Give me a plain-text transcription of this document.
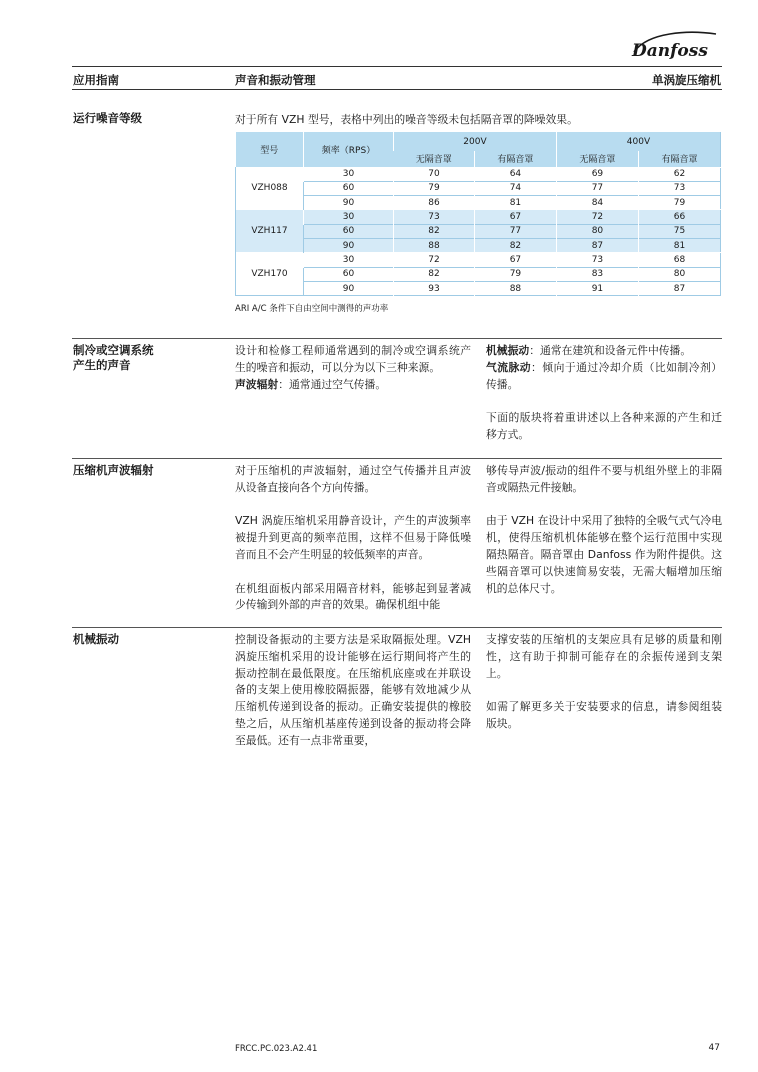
Danfoss
应用指南	声音和振动管理	单涡旋压缩机
运行噪音等级	对于所有 VZH 型号，表格中列出的噪音等级未包括隔音罩的降噪效果。
型号	频率（RPS）	200V		400V	
		无隔音罩	有隔音罩	无隔音罩	有隔音罩
VZH088	30	70	64	69	62
	60	79	74	77	73
	90	86	81	84	79
VZH117	30	73	67	72	66
	60	82	77	80	75
	90	88	82	87	81
VZH170	30	72	67	73	68
	60	82	79	83	80
	90	93	88	91	87
ARI A/C 条件下自由空间中测得的声功率
制冷或空调系统
产生的声音
设计和检修工程师通常遇到的制冷或空调系统产生的噪音和振动，可以分为以下三种来源。
声波辐射：通常通过空气传播。
机械振动：通常在建筑和设备元件中传播。
气流脉动：倾向于通过冷却介质（比如制冷剂）传播。
下面的版块将着重讲述以上各种来源的产生和迁移方式。
压缩机声波辐射	对于压缩机的声波辐射，通过空气传播并且声波从设备直接向各个方向传播。

VZH 涡旋压缩机采用静音设计，产生的声波频率被提升到更高的频率范围，这样不但易于降低噪音而且不会产生明显的较低频率的声音。

在机组面板内部采用隔音材料，能够起到显著减少传输到外部的声音的效果。确保机组中能

够传导声波/振动的组件不要与机组外壁上的非隔音或隔热元件接触。

由于 VZH 在设计中采用了独特的全吸气式气冷电机，使得压缩机机体能够在整个运行范围中实现隔热隔音。隔音罩由 Danfoss 作为附件提供。这些隔音罩可以快速简易安装，无需大幅增加压缩机的总体尺寸。

机械振动	控制设备振动的主要方法是采取隔振处理。VZH 涡旋压缩机采用的设计能够在运行期间将产生的振动控制在最低限度。在压缩机底座或在并联设备的支架上使用橡胶隔振器，能够有效地减少从压缩机传递到设备的振动。正确安装提供的橡胶垫之后，从压缩机基座传递到设备的振动将会降至最低。还有一点非常重要，

支撑安装的压缩机的支架应具有足够的质量和刚性，这有助于抑制可能存在的余振传递到支架上。

如需了解更多关于安装要求的信息，请参阅组装版块。

FRCC.PC.023.A2.41	47
